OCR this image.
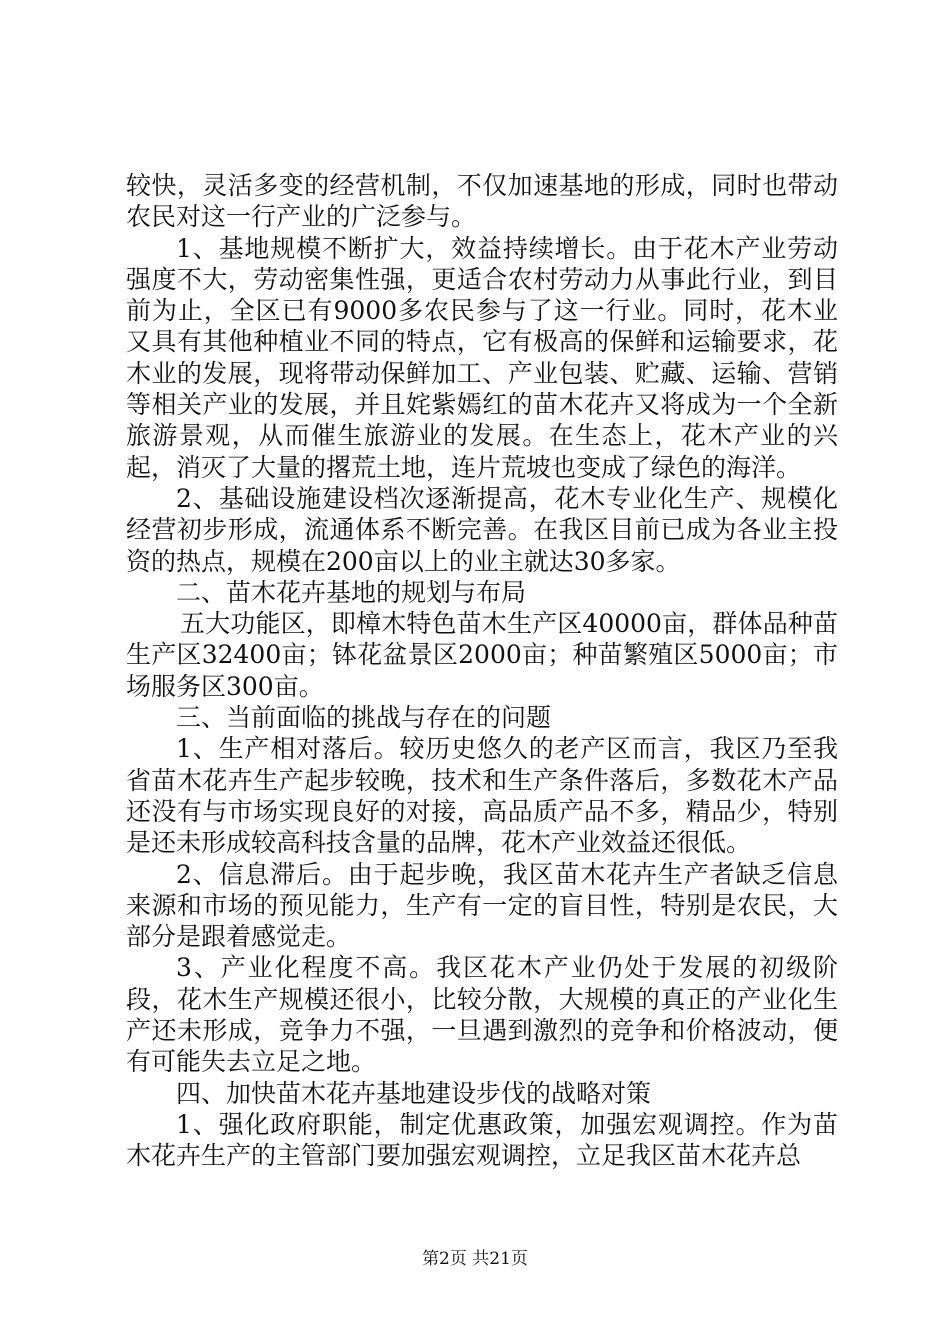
较快，灵活多变的经营机制，不仅加速基地的形成，同时也带动农民对这一行产业的广泛参与。

1、基地规模不断扩大，效益持续增长。由于花木产业劳动强度不大，劳动密集性强，更适合农村劳动力从事此行业，到目前为止，全区已有9000多农民参与了这一行业。同时，花木业又具有其他种植业不同的特点，它有极高的保鲜和运输要求，花木业的发展，现将带动保鲜加工、产业包装、贮藏、运输、营销等相关产业的发展，并且姹紫嫣红的苗木花卉又将成为一个全新旅游景观，从而催生旅游业的发展。在生态上，花木产业的兴起，消灭了大量的撂荒土地，连片荒坡也变成了绿色的海洋。

2、基础设施建设档次逐渐提高，花木专业化生产、规模化经营初步形成，流通体系不断完善。在我区目前已成为各业主投资的热点，规模在200亩以上的业主就达30多家。

二、苗木花卉基地的规划与布局

五大功能区，即樟木特色苗木生产区40000亩，群体品种苗生产区32400亩；钵花盆景区2000亩；种苗繁殖区5000亩；市场服务区300亩。

三、当前面临的挑战与存在的问题

1、生产相对落后。较历史悠久的老产区而言，我区乃至我省苗木花卉生产起步较晚，技术和生产条件落后，多数花木产品还没有与市场实现良好的对接，高品质产品不多，精品少，特别是还未形成较高科技含量的品牌，花木产业效益还很低。

2、信息滞后。由于起步晚，我区苗木花卉生产者缺乏信息来源和市场的预见能力，生产有一定的盲目性，特别是农民，大部分是跟着感觉走。

3、产业化程度不高。我区花木产业仍处于发展的初级阶段，花木生产规模还很小，比较分散，大规模的真正的产业化生产还未形成，竞争力不强，一旦遇到激烈的竞争和价格波动，便有可能失去立足之地。

四、加快苗木花卉基地建设步伐的战略对策

1、强化政府职能，制定优惠政策，加强宏观调控。作为苗木花卉生产的主管部门要加强宏观调控，立足我区苗木花卉总

第2页 共21页
